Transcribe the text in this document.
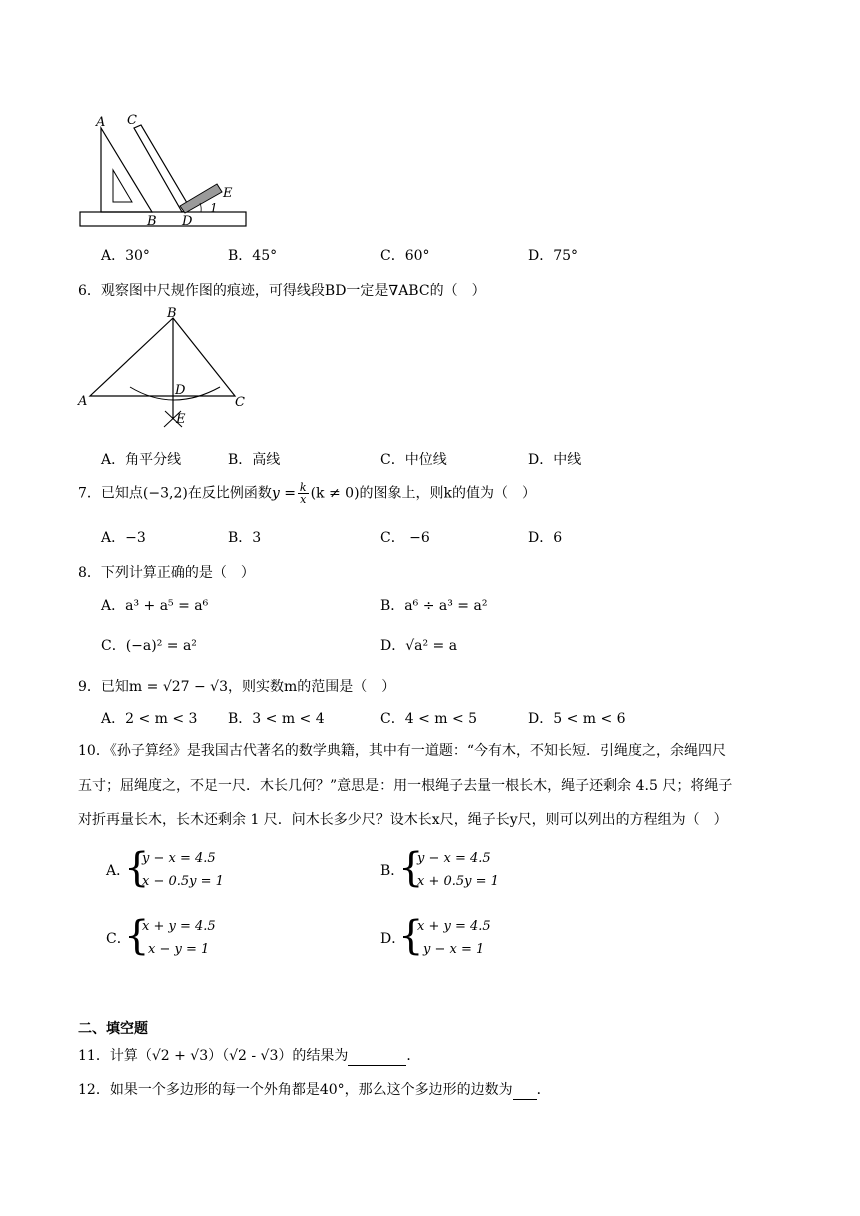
A C
B D
E
1
A．30°	B．45°	C．60°	D．75°
6．观察图中尺规作图的痕迹，可得线段BD一定是∇ABC的（　）
B
A	C
D
E
A．角平分线	B．高线	C．中位线	D．中线
7．已知点(−3,2)在反比例函数$y = \frac{k}{x} (k \ne 0)$的图象上，则k的值为（　）
A．−3	B．3	C． −6	D．6
8．下列计算正确的是（　）
A．a³ + a⁵ = a⁶	B．a⁶ ÷ a³ = a²
C．(−a)² = a²	D．√a² = a
9．已知m = √27 − √3，则实数m的范围是（　）
A．2 < m < 3 B．3 < m < 4	C．4 < m < 5	D．5 < m < 6
10．《孙子算经》是我国古代著名的数学典籍，其中有一道题：“今有木，不知长短．引绳度之，余绳四尺
五寸；屈绳度之，不足一尺．木长几何？”意思是：用一根绳子去量一根长木，绳子还剩余 4.5 尺；将绳子
对折再量长木，长木还剩余 1 尺．问木长多少尺？设木长x尺，绳子长y尺，则可以列出的方程组为（　）
A．
{
y − x = 4.5
x − 0.5y = 1
B．
{
y − x = 4.5
x + 0.5y = 1
C．
{
x + y = 4.5
x − y = 1
D．
{
x + y = 4.5
y − x = 1
二、填空题
11．计算（√2 + √3）（√2 - √3）的结果为	．
12．如果一个多边形的每一个外角都是40°，那么这个多边形的边数为 ．
